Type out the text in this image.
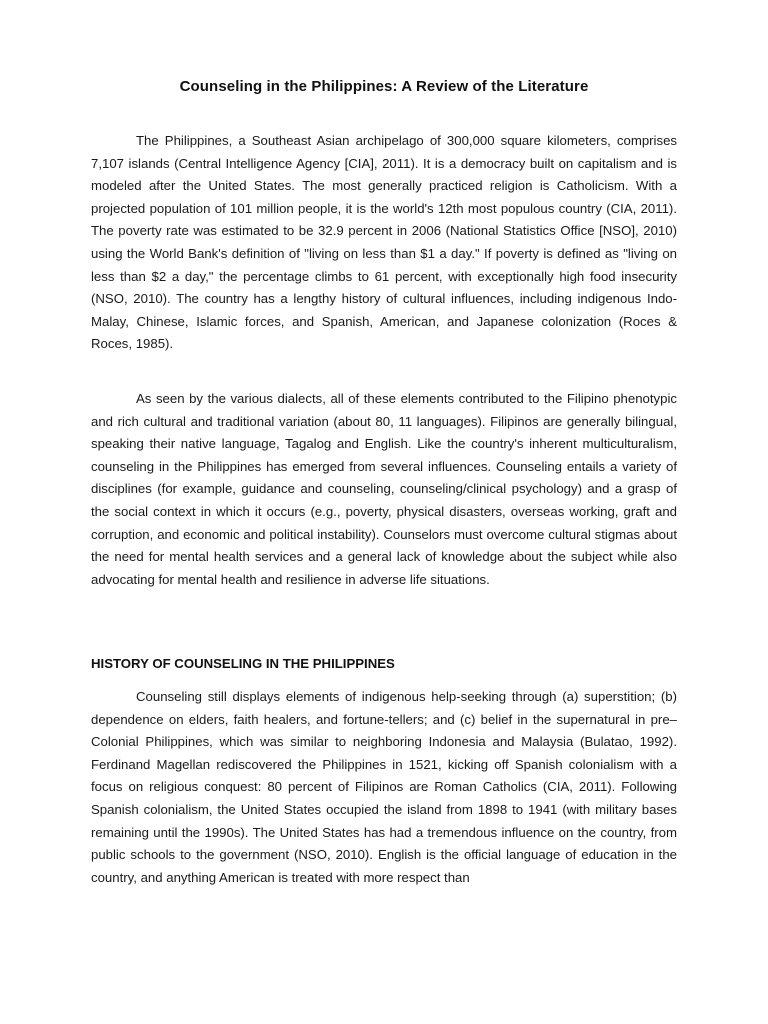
Counseling in the Philippines: A Review of the Literature

The Philippines, a Southeast Asian archipelago of 300,000 square kilometers, comprises 7,107 islands (Central Intelligence Agency [CIA], 2011). It is a democracy built on capitalism and is modeled after the United States. The most generally practiced religion is Catholicism. With a projected population of 101 million people, it is the world's 12th most populous country (CIA, 2011). The poverty rate was estimated to be 32.9 percent in 2006 (National Statistics Office [NSO], 2010) using the World Bank's definition of "living on less than $1 a day." If poverty is defined as "living on less than $2 a day," the percentage climbs to 61 percent, with exceptionally high food insecurity (NSO, 2010). The country has a lengthy history of cultural influences, including indigenous Indo-Malay, Chinese, Islamic forces, and Spanish, American, and Japanese colonization (Roces & Roces, 1985).

As seen by the various dialects, all of these elements contributed to the Filipino phenotypic and rich cultural and traditional variation (about 80, 11 languages). Filipinos are generally bilingual, speaking their native language, Tagalog and English. Like the country's inherent multiculturalism, counseling in the Philippines has emerged from several influences. Counseling entails a variety of disciplines (for example, guidance and counseling, counseling/clinical psychology) and a grasp of the social context in which it occurs (e.g., poverty, physical disasters, overseas working, graft and corruption, and economic and political instability). Counselors must overcome cultural stigmas about the need for mental health services and a general lack of knowledge about the subject while also advocating for mental health and resilience in adverse life situations.

HISTORY OF COUNSELING IN THE PHILIPPINES

Counseling still displays elements of indigenous help-seeking through (a) superstition; (b) dependence on elders, faith healers, and fortune-tellers; and (c) belief in the supernatural in pre–Colonial Philippines, which was similar to neighboring Indonesia and Malaysia (Bulatao, 1992). Ferdinand Magellan rediscovered the Philippines in 1521, kicking off Spanish colonialism with a focus on religious conquest: 80 percent of Filipinos are Roman Catholics (CIA, 2011). Following Spanish colonialism, the United States occupied the island from 1898 to 1941 (with military bases remaining until the 1990s). The United States has had a tremendous influence on the country, from public schools to the government (NSO, 2010). English is the official language of education in the country, and anything American is treated with more respect than
